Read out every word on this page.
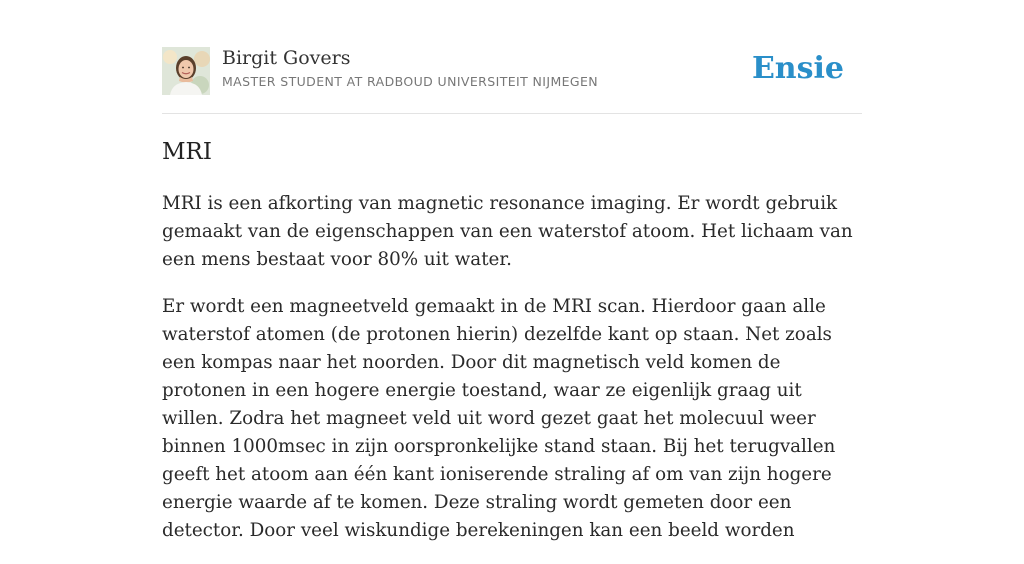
Birgit Govers
MASTER STUDENT AT RADBOUD UNIVERSITEIT NIJMEGEN	Ensie
MRI

MRI is een afkorting van magnetic resonance imaging. Er wordt gebruik gemaakt van de eigenschappen van een waterstof atoom. Het lichaam van een mens bestaat voor 80% uit water.

Er wordt een magneetveld gemaakt in de MRI scan. Hierdoor gaan alle waterstof atomen (de protonen hierin) dezelfde kant op staan. Net zoals een kompas naar het noorden. Door dit magnetisch veld komen de protonen in een hogere energie toestand, waar ze eigenlijk graag uit willen. Zodra het magneet veld uit word gezet gaat het molecuul weer binnen 1000msec in zijn oorspronkelijke stand staan. Bij het terugvallen geeft het atoom aan één kant ioniserende straling af om van zijn hogere energie waarde af te komen. Deze straling wordt gemeten door een detector. Door veel wiskundige berekeningen kan een beeld worden
